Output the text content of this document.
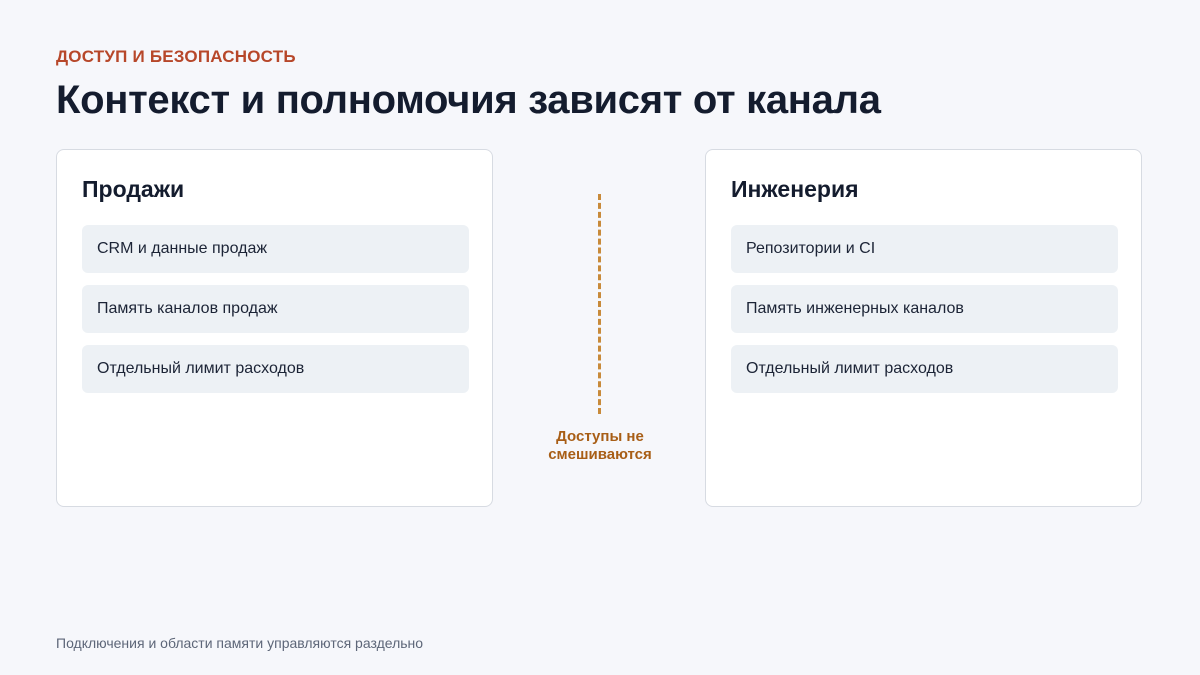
ДОСТУП И БЕЗОПАСНОСТЬ
Контекст и полномочия зависят от канала
Продажи
CRM и данные продаж
Память каналов продаж
Отдельный лимит расходов
Доступы не
смешиваются
Инженерия
Репозитории и CI
Память инженерных каналов
Отдельный лимит расходов
Подключения и области памяти управляются раздельно
